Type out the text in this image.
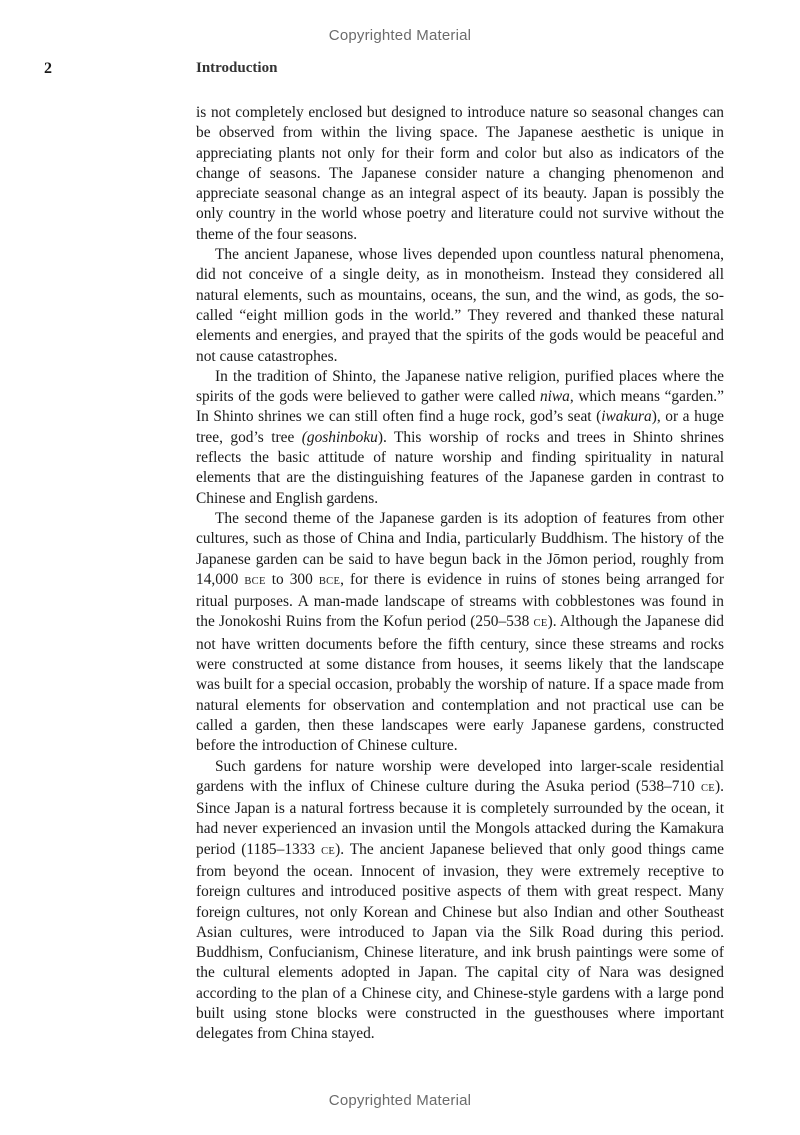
Copyrighted Material
2	Introduction

is not completely enclosed but designed to introduce nature so seasonal changes can be observed from within the living space. The Japanese aesthetic is unique in appreciating plants not only for their form and color but also as indicators of the change of seasons. The Japanese consider nature a changing phenomenon and appreciate seasonal change as an integral aspect of its beauty. Japan is possibly the only country in the world whose poetry and literature could not survive without the theme of the four seasons.

The ancient Japanese, whose lives depended upon countless natural phenomena, did not conceive of a single deity, as in monotheism. Instead they considered all natural elements, such as mountains, oceans, the sun, and the wind, as gods, the so-called “eight million gods in the world.” They revered and thanked these natural elements and energies, and prayed that the spirits of the gods would be peaceful and not cause catastrophes.

In the tradition of Shinto, the Japanese native religion, purified places where the spirits of the gods were believed to gather were called niwa, which means “garden.” In Shinto shrines we can still often find a huge rock, god’s seat (iwakura), or a huge tree, god’s tree (goshinboku). This worship of rocks and trees in Shinto shrines reflects the basic attitude of nature worship and finding spirituality in natural elements that are the distinguishing features of the Japanese garden in contrast to Chinese and English gardens.

The second theme of the Japanese garden is its adoption of features from other cultures, such as those of China and India, particularly Buddhism. The history of the Japanese garden can be said to have begun back in the Jōmon period, roughly from 14,000 BCE to 300 BCE, for there is evidence in ruins of stones being arranged for ritual purposes. A man-made landscape of streams with cobblestones was found in the Jonokoshi Ruins from the Kofun period (250–538 CE). Although the Japanese did not have written documents before the fifth century, since these streams and rocks were constructed at some distance from houses, it seems likely that the landscape was built for a special occasion, probably the worship of nature. If a space made from natural elements for observation and contemplation and not practical use can be called a garden, then these landscapes were early Japanese gardens, constructed before the introduction of Chinese culture.

Such gardens for nature worship were developed into larger-scale residential gardens with the influx of Chinese culture during the Asuka period (538–710 CE). Since Japan is a natural fortress because it is completely surrounded by the ocean, it had never experienced an invasion until the Mongols attacked during the Kamakura period (1185–1333 CE). The ancient Japanese believed that only good things came from beyond the ocean. Innocent of invasion, they were extremely receptive to foreign cultures and introduced positive aspects of them with great respect. Many foreign cultures, not only Korean and Chinese but also Indian and other Southeast Asian cultures, were introduced to Japan via the Silk Road during this period. Buddhism, Confucianism, Chinese literature, and ink brush paintings were some of the cultural elements adopted in Japan. The capital city of Nara was designed according to the plan of a Chinese city, and Chinese-style gardens with a large pond built using stone blocks were constructed in the guesthouses where important delegates from China stayed.

Copyrighted Material
